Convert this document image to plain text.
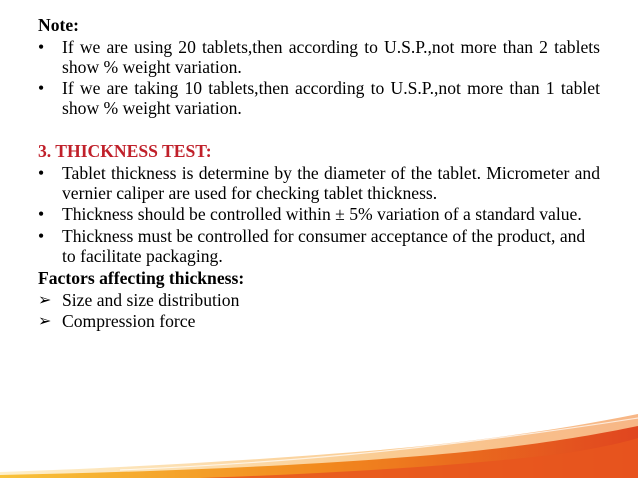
Note:

•	If we are using 20 tablets,then according to U.S.P.,not more than 2 tablets show % weight variation.
•	If we are taking 10 tablets,then according to U.S.P.,not more than 1 tablet show % weight variation.

3. THICKNESS TEST:

•	Tablet thickness is determine by the diameter of the tablet. Micrometer and vernier caliper are used for checking tablet thickness.
•	Thickness should be controlled within ± 5% variation of a standard value.
•	Thickness must be controlled for consumer acceptance of the product, and to facilitate packaging.

Factors affecting thickness:

➢ Size and size distribution
➢ Compression force
